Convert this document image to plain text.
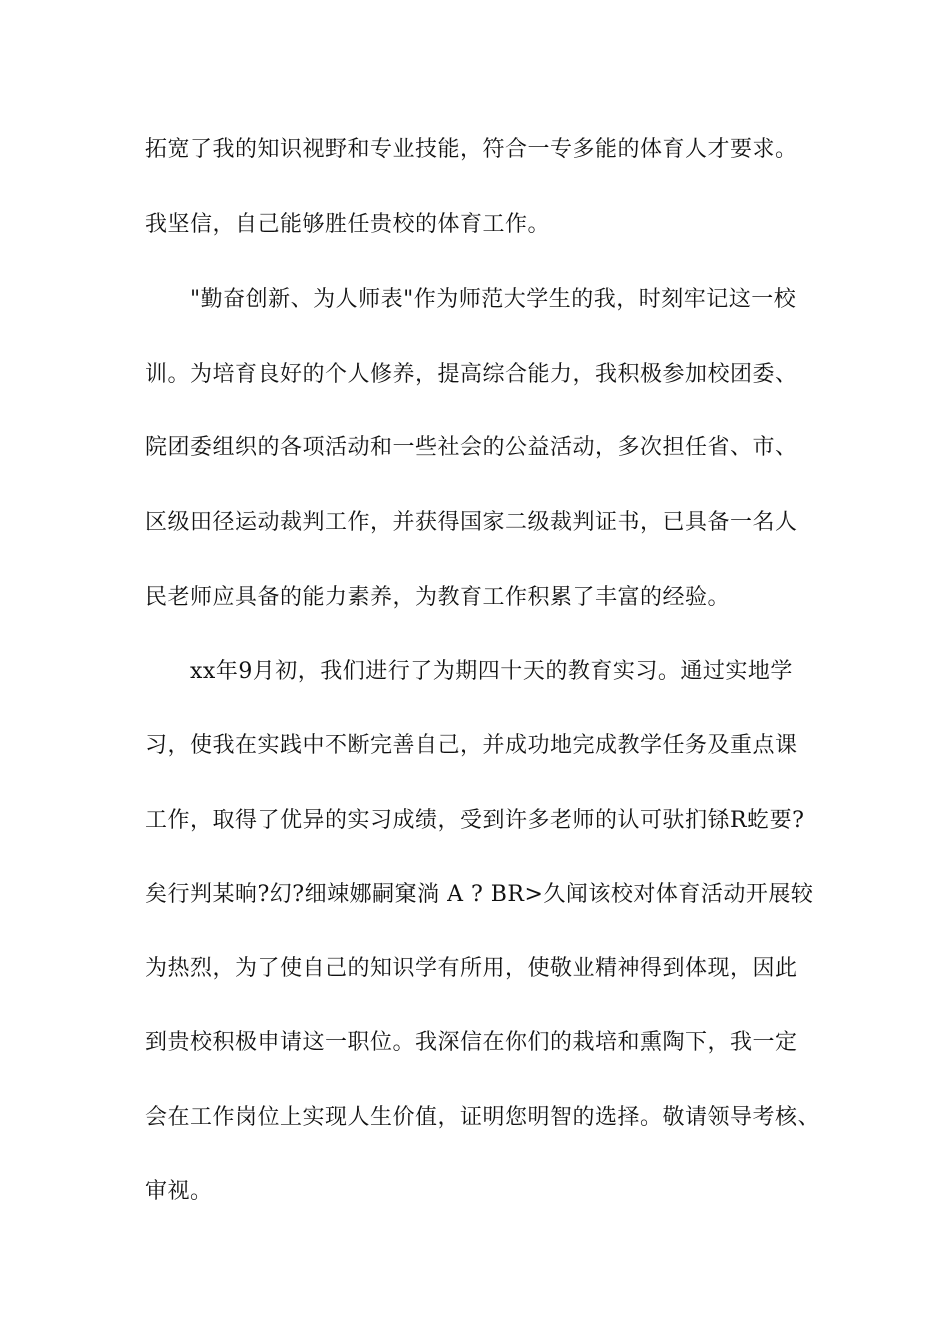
拓宽了我的知识视野和专业技能，符合一专多能的体育人才要求。
我坚信，自己能够胜任贵校的体育工作。
"勤奋创新、为人师表"作为师范大学生的我，时刻牢记这一校
训。为培育良好的个人修养，提高综合能力，我积极参加校团委、
院团委组织的各项活动和一些社会的公益活动，多次担任省、市、
区级田径运动裁判工作，并获得国家二级裁判证书，已具备一名人
民老师应具备的能力素养，为教育工作积累了丰富的经验。
xx年9月初，我们进行了为期四十天的教育实习。通过实地学
习，使我在实践中不断完善自己，并成功地完成教学任务及重点课
工作，取得了优异的实习成绩，受到许多老师的认可驮扪铩R虼要?
矣行判某晌?幻?细竦娜嗣窠淌 A ? BR>久闻该校对体育活动开展较
为热烈，为了使自己的知识学有所用，使敬业精神得到体现，因此
到贵校积极申请这一职位。我深信在你们的栽培和熏陶下，我一定
会在工作岗位上实现人生价值，证明您明智的选择。敬请领导考核、
审视。
